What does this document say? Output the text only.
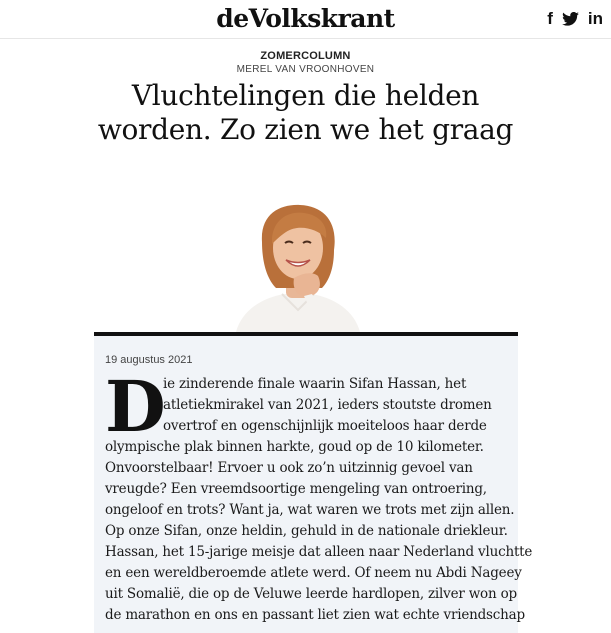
deVolkskrant	f in
ZOMERCOLUMN
MEREL VAN VROONHOVEN
Vluchtelingen die helden
worden. Zo zien we het graag
19 augustus 2021
D
ie zinderende finale waarin Sifan Hassan, het
atletiekmirakel van 2021, ieders stoutste dromen
overtrof en ogenschijnlijk moeiteloos haar derde
olympische plak binnen harkte, goud op de 10 kilometer.
Onvoorstelbaar! Ervoer u ook zo’n uitzinnig gevoel van
vreugde? Een vreemdsoortige mengeling van ontroering,
ongeloof en trots? Want ja, wat waren we trots met zijn allen.
Op onze Sifan, onze heldin, gehuld in de nationale driekleur.
Hassan, het 15-jarige meisje dat alleen naar Nederland vluchtte
en een wereldberoemde atlete werd. Of neem nu Abdi Nageey
uit Somalië, die op de Veluwe leerde hardlopen, zilver won op
de marathon en ons en passant liet zien wat echte vriendschap
